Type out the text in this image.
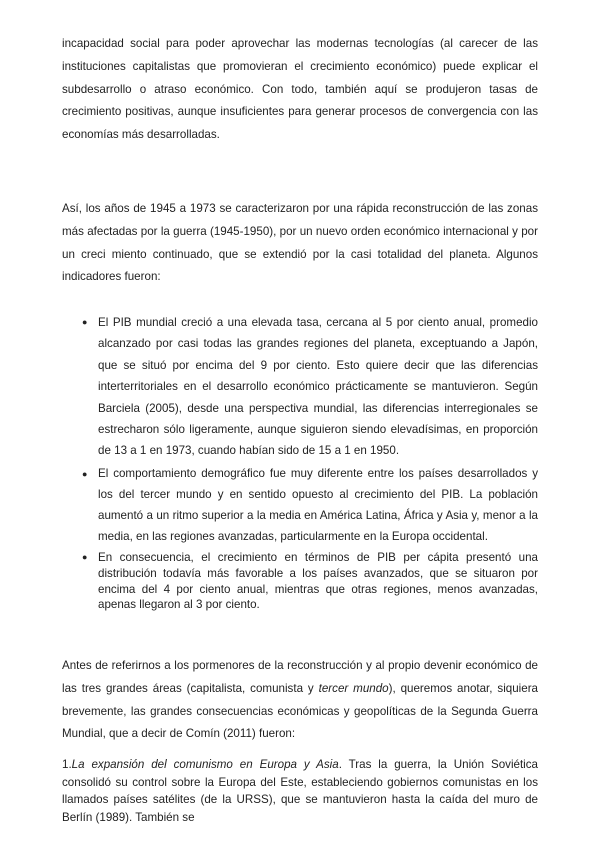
incapacidad social para poder aprovechar las modernas tecnologías (al carecer de las instituciones capitalistas que promovieran el crecimiento económico) puede explicar el subdesarrollo o atraso económico. Con todo, también aquí se produjeron tasas de crecimiento positivas, aunque insuficientes para generar procesos de convergencia con las economías más desarrolladas.

Así, los años de 1945 a 1973 se caracterizaron por una rápida reconstrucción de las zonas más afectadas por la guerra (1945-1950), por un nuevo orden económico internacional y por un creci miento continuado, que se extendió por la casi totalidad del planeta. Algunos indicadores fueron:

● El PIB mundial creció a una elevada tasa, cercana al 5 por ciento anual, promedio alcanzado por casi todas las grandes regiones del planeta, exceptuando a Japón, que se situó por encima del 9 por ciento. Esto quiere decir que las diferencias interterritoriales en el desarrollo económico prácticamente se mantuvieron. Según Barciela (2005), desde una perspectiva mundial, las diferencias interregionales se estrecharon sólo ligeramente, aunque siguieron siendo elevadísimas, en proporción de 13 a 1 en 1973, cuando habían sido de 15 a 1 en 1950.
● El comportamiento demográfico fue muy diferente entre los países desarrollados y los del tercer mundo y en sentido opuesto al crecimiento del PIB. La población aumentó a un ritmo superior a la media en América Latina, África y Asia y, menor a la media, en las regiones avanzadas, particularmente en la Europa occidental.
● En consecuencia, el crecimiento en términos de PIB per cápita presentó una distribución todavía más favorable a los países avanzados, que se situaron por encima del 4 por ciento anual, mientras que otras regiones, menos avanzadas, apenas llegaron al 3 por ciento.

Antes de referirnos a los pormenores de la reconstrucción y al propio devenir económico de las tres grandes áreas (capitalista, comunista y tercer mundo), queremos anotar, siquiera brevemente, las grandes consecuencias económicas y geopolíticas de la Segunda Guerra Mundial, que a decir de Comín (2011) fueron:

1.La expansión del comunismo en Europa y Asia. Tras la guerra, la Unión Soviética consolidó su control sobre la Europa del Este, estableciendo gobiernos comunistas en los llamados países satélites (de la URSS), que se mantuvieron hasta la caída del muro de Berlín (1989). También se
